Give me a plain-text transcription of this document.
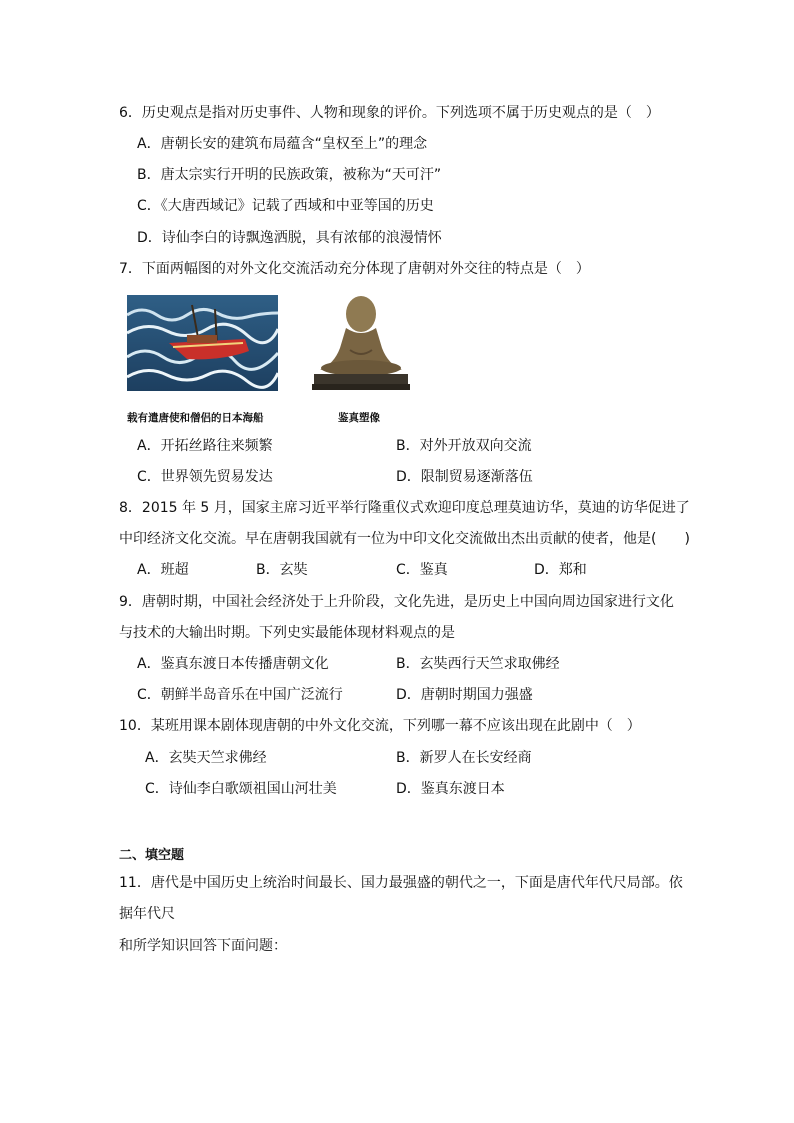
6．历史观点是指对历史事件、人物和现象的评价。下列选项不属于历史观点的是（　）
A．唐朝长安的建筑布局蕴含“皇权至上”的理念
B．唐太宗实行开明的民族政策，被称为“天可汗”
C．《大唐西域记》记载了西域和中亚等国的历史
D．诗仙李白的诗飘逸洒脱，具有浓郁的浪漫情怀
7．下面两幅图的对外文化交流活动充分体现了唐朝对外交往的特点是（　）
载有遣唐使和僧侣的日本海船	鉴真塑像
A．开拓丝路往来频繁	B．对外开放双向交流
C．世界领先贸易发达	D．限制贸易逐渐落伍
8．2015 年 5 月，国家主席习近平举行隆重仪式欢迎印度总理莫迪访华，莫迪的访华促进了
中印经济文化交流。早在唐朝我国就有一位为中印文化交流做出杰出贡献的使者，他是(　　)
A．班超	B．玄奘	C．鉴真	D．郑和
9．唐朝时期，中国社会经济处于上升阶段，文化先进，是历史上中国向周边国家进行文化
与技术的大输出时期。下列史实最能体现材料观点的是
A．鉴真东渡日本传播唐朝文化	B．玄奘西行天竺求取佛经
C．朝鲜半岛音乐在中国广泛流行	D．唐朝时期国力强盛
10．某班用课本剧体现唐朝的中外文化交流，下列哪一幕不应该出现在此剧中（　）
A．玄奘天竺求佛经	B．新罗人在长安经商
C．诗仙李白歌颂祖国山河壮美	D．鉴真东渡日本
二、填空题
11．唐代是中国历史上统治时间最长、国力最强盛的朝代之一，下面是唐代年代尺局部。依
据年代尺
和所学知识回答下面问题：
